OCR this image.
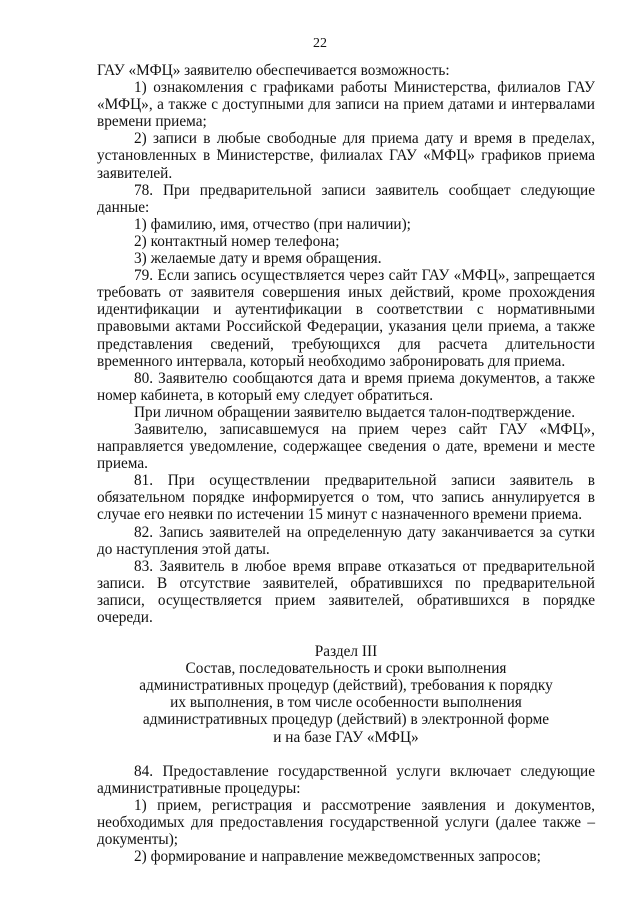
22

ГАУ «МФЦ» заявителю обеспечивается возможность:

1) ознакомления с графиками работы Министерства, филиалов ГАУ «МФЦ», а также с доступными для записи на прием датами и интервалами времени приема;

2) записи в любые свободные для приема дату и время в пределах, установленных в Министерстве, филиалах ГАУ «МФЦ» графиков приема заявителей.

78. При предварительной записи заявитель сообщает следующие данные:

1) фамилию, имя, отчество (при наличии);

2) контактный номер телефона;

3) желаемые дату и время обращения.

79. Если запись осуществляется через сайт ГАУ «МФЦ», запрещается требовать от заявителя совершения иных действий, кроме прохождения идентификации и аутентификации в соответствии с нормативными правовыми актами Российской Федерации, указания цели приема, а также представления сведений, требующихся для расчета длительности временного интервала, который необходимо забронировать для приема.

80. Заявителю сообщаются дата и время приема документов, а также номер кабинета, в который ему следует обратиться.

При личном обращении заявителю выдается талон-подтверждение.

Заявителю, записавшемуся на прием через сайт ГАУ «МФЦ», направляется уведомление, содержащее сведения о дате, времени и месте приема.

81. При осуществлении предварительной записи заявитель в обязательном порядке информируется о том, что запись аннулируется в случае его неявки по истечении 15 минут с назначенного времени приема.

82. Запись заявителей на определенную дату заканчивается за сутки до наступления этой даты.

83. Заявитель в любое время вправе отказаться от предварительной записи. В отсутствие заявителей, обратившихся по предварительной записи, осуществляется прием заявителей, обратившихся в порядке очереди.

Раздел III

Состав, последовательность и сроки выполнения

административных процедур (действий), требования к порядку

их выполнения, в том числе особенности выполнения

административных процедур (действий) в электронной форме

и на базе ГАУ «МФЦ»

84. Предоставление государственной услуги включает следующие административные процедуры:

1) прием, регистрация и рассмотрение заявления и документов, необходимых для предоставления государственной услуги (далее также – документы);

2) формирование и направление межведомственных запросов;
